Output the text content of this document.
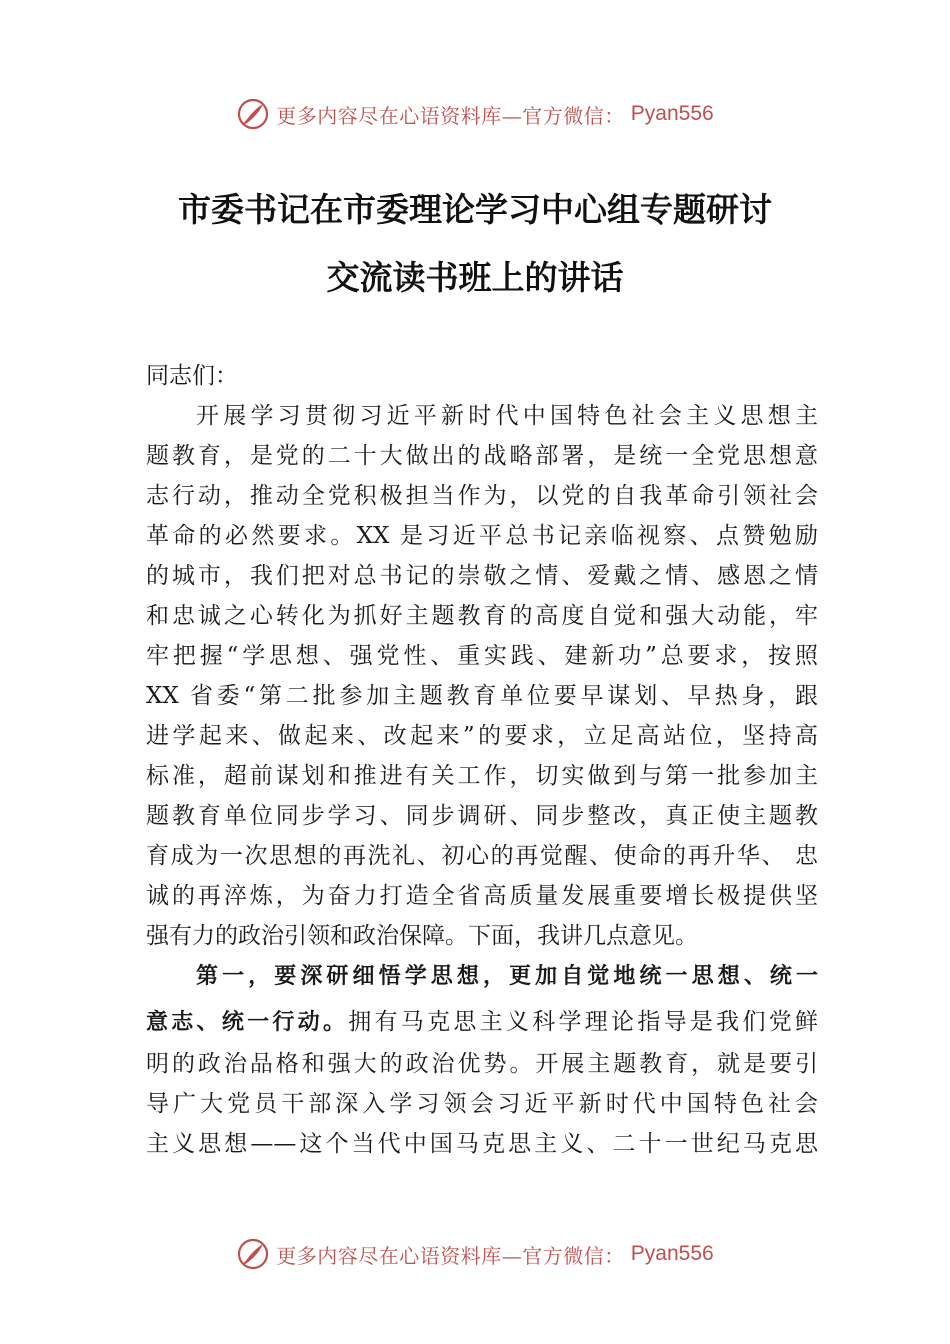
更多内容尽在心语资料库—官方微信： Pyan556
市委书记在市委理论学习中心组专题研讨
交流读书班上的讲话
同志们：
开展学习贯彻习近平新时代中国特色社会主义思想主
题教育，是党的二十大做出的战略部署，是统一全党思想意
志行动，推动全党积极担当作为，以党的自我革命引领社会
革命的必然要求。XX 是习近平总书记亲临视察、点赞勉励
的城市，我们把对总书记的崇敬之情、爱戴之情、感恩之情
和忠诚之心转化为抓好主题教育的高度自觉和强大动能，牢
牢把握“学思想、强党性、重实践、建新功”总要求，按照
XX 省委“第二批参加主题教育单位要早谋划、早热身，跟
进学起来、做起来、改起来”的要求，立足高站位，坚持高
标准，超前谋划和推进有关工作，切实做到与第一批参加主
题教育单位同步学习、同步调研、同步整改，真正使主题教
育成为一次思想的再洗礼、初心的再觉醒、使命的再升华、 忠
诚的再淬炼，为奋力打造全省高质量发展重要增长极提供坚
强有力的政治引领和政治保障。下面，我讲几点意见。
第一，要深研细悟学思想，更加自觉地统一思想、统一
意志、统一行动。拥有马克思主义科学理论指导是我们党鲜
明的政治品格和强大的政治优势。开展主题教育，就是要引
导广大党员干部深入学习领会习近平新时代中国特色社会
主义思想——这个当代中国马克思主义、二十一世纪马克思
更多内容尽在心语资料库—官方微信： Pyan556
